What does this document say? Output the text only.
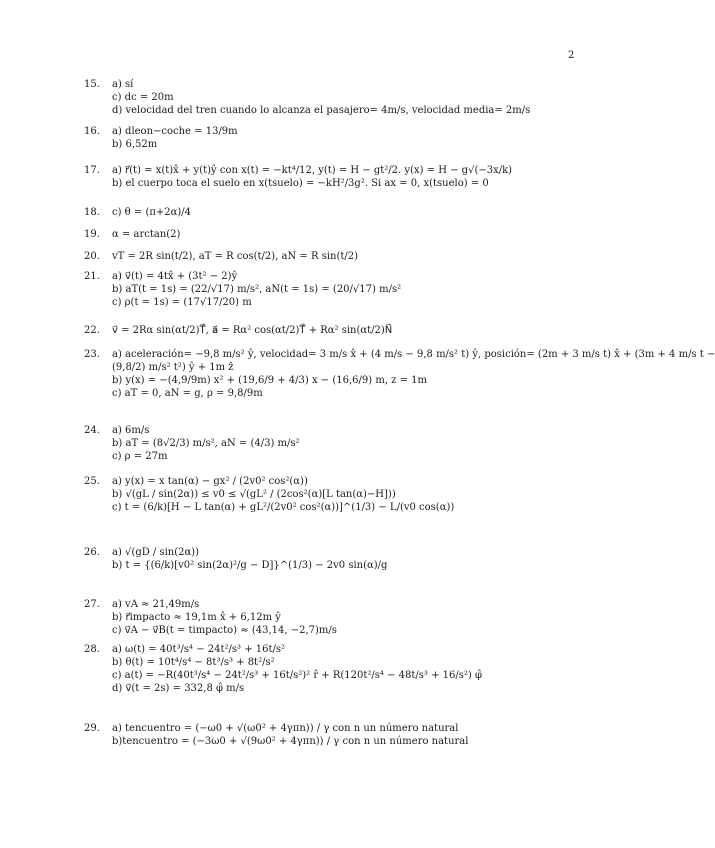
2
15.	a) sí
c) dc = 20m
d) velocidad del tren cuando lo alcanza el pasajero= 4m/s, velocidad media= 2m/s
16.	a) dleon−coche = 13/9m
b) 6,52m
17.	a) r⃗(t) = x(t)x̂ + y(t)ŷ con x(t) = −kt⁴/12, y(t) = H − gt²/2. y(x) = H − g√(−3x/k)
b) el cuerpo toca el suelo en x(tsuelo) = −kH²/3g². Si ax = 0, x(tsuelo) = 0
18.	c) θ = (π+2α)/4
19.	α = arctan(2)
20.	vT = 2R sin(t/2), aT = R cos(t/2), aN = R sin(t/2)
21.	a) v⃗(t) = 4tx̂ + (3t² − 2)ŷ
b) aT(t = 1s) = (22/√17) m/s², aN(t = 1s) = (20/√17) m/s²
c) ρ(t = 1s) = (17√17/20) m
22.	v⃗ = 2Rα sin(αt/2)T⃗, a⃗ = Rα² cos(αt/2)T⃗ + Rα² sin(αt/2)N⃗
23.	a) aceleración= −9,8 m/s² ŷ, velocidad= 3 m/s x̂ + (4 m/s − 9,8 m/s² t) ŷ, posición= (2m + 3 m/s t) x̂ + (3m + 4 m/s t −
(9,8/2) m/s² t²) ŷ + 1m ẑ
b) y(x) = −(4,9/9m) x² + (19,6/9 + 4/3) x − (16,6/9) m, z = 1m
c) aT = 0, aN = g, ρ = 9,8/9m
24.	a) 6m/s
b) aT = (8√2/3) m/s², aN = (4/3) m/s²
c) ρ = 27m
25.	a) y(x) = x tan(α) − gx² / (2v0² cos²(α))
b) √(gL / sin(2α)) ≤ v0 ≤ √(gL² / (2cos²(α)[L tan(α)−H]))
c) t = (6/k)[H − L tan(α) + gL²/(2v0² cos²(α))]^(1/3) − L/(v0 cos(α))
26.	a) √(gD / sin(2α))
b) t = {(6/k)[v0² sin(2α)²/g − D]}^(1/3) − 2v0 sin(α)/g
27.	a) vA ≈ 21,49m/s
b) r⃗impacto ≈ 19,1m x̂ + 6,12m ŷ
c) v⃗A − v⃗B(t = timpacto) ≈ (43,14, −2,7)m/s
28.	a) ω(t) = 40t³/s⁴ − 24t²/s³ + 16t/s²
b) θ(t) = 10t⁴/s⁴ − 8t³/s³ + 8t²/s²
c) a(t) = −R(40t³/s⁴ − 24t²/s³ + 16t/s²)² r̂ + R(120t²/s⁴ − 48t/s³ + 16/s²) φ̂
d) v⃗(t = 2s) = 332,8 φ̂ m/s
29.	a) tencuentro = (−ω0 + √(ω0² + 4γπn)) / γ con n un número natural
b)tencuentro = (−3ω0 + √(9ω0² + 4γπn)) / γ con n un número natural
